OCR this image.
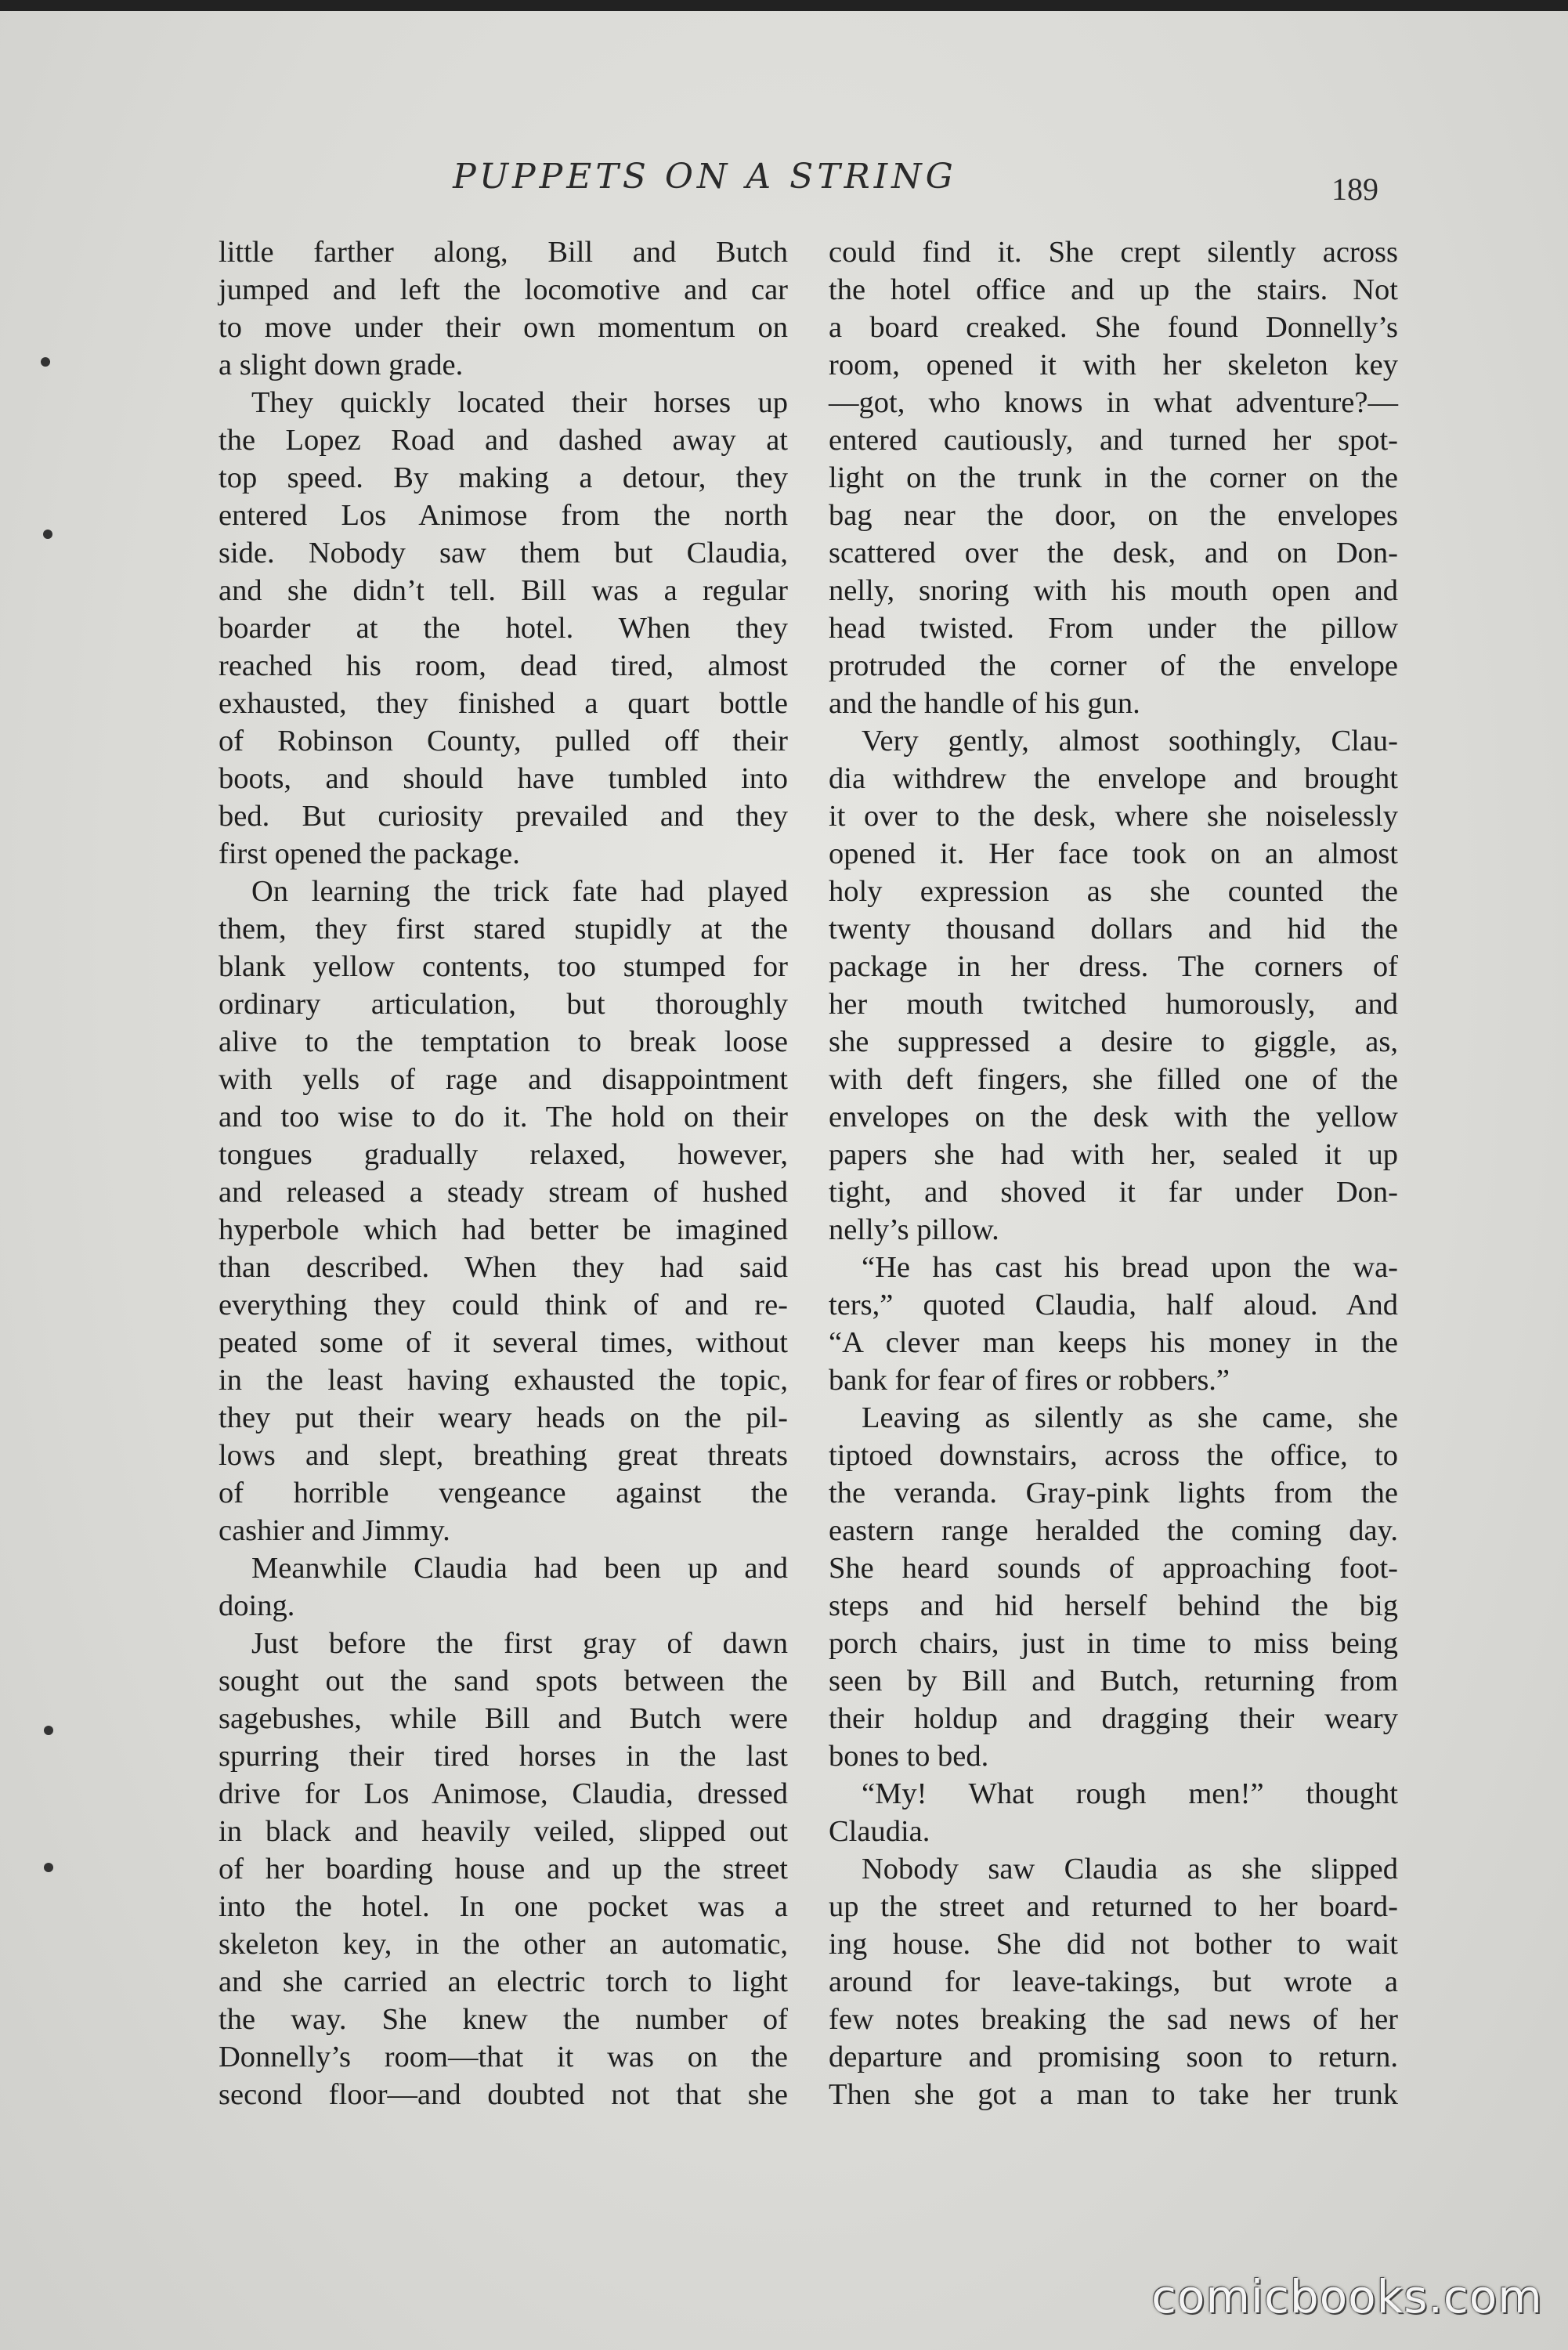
PUPPETS ON A STRING	189
little farther along, Bill and Butch
jumped and left the locomotive and car
to move under their own momentum on
a slight down grade.
They quickly located their horses up
the Lopez Road and dashed away at
top speed. By making a detour, they
entered Los Animose from the north
side. Nobody saw them but Claudia,
and she didn’t tell. Bill was a regular
boarder at the hotel. When they
reached his room, dead tired, almost
exhausted, they finished a quart bottle
of Robinson County, pulled off their
boots, and should have tumbled into
bed. But curiosity prevailed and they
first opened the package.
On learning the trick fate had played
them, they first stared stupidly at the
blank yellow contents, too stumped for
ordinary articulation, but thoroughly
alive to the temptation to break loose
with yells of rage and disappointment
and too wise to do it. The hold on their
tongues gradually relaxed, however,
and released a steady stream of hushed
hyperbole which had better be imagined
than described. When they had said
everything they could think of and re-
peated some of it several times, without
in the least having exhausted the topic,
they put their weary heads on the pil-
lows and slept, breathing great threats
of horrible vengeance against the
cashier and Jimmy.
Meanwhile Claudia had been up and
doing.
Just before the first gray of dawn
sought out the sand spots between the
sagebushes, while Bill and Butch were
spurring their tired horses in the last
drive for Los Animose, Claudia, dressed
in black and heavily veiled, slipped out
of her boarding house and up the street
into the hotel. In one pocket was a
skeleton key, in the other an automatic,
and she carried an electric torch to light
the way. She knew the number of
Donnelly’s room—that it was on the
second floor—and doubted not that she
could find it. She crept silently across
the hotel office and up the stairs. Not
a board creaked. She found Donnelly’s
room, opened it with her skeleton key
—got, who knows in what adventure?—
entered cautiously, and turned her spot-
light on the trunk in the corner on the
bag near the door, on the envelopes
scattered over the desk, and on Don-
nelly, snoring with his mouth open and
head twisted. From under the pillow
protruded the corner of the envelope
and the handle of his gun.
Very gently, almost soothingly, Clau-
dia withdrew the envelope and brought
it over to the desk, where she noiselessly
opened it. Her face took on an almost
holy expression as she counted the
twenty thousand dollars and hid the
package in her dress. The corners of
her mouth twitched humorously, and
she suppressed a desire to giggle, as,
with deft fingers, she filled one of the
envelopes on the desk with the yellow
papers she had with her, sealed it up
tight, and shoved it far under Don-
nelly’s pillow.
“He has cast his bread upon the wa-
ters,” quoted Claudia, half aloud. And
“A clever man keeps his money in the
bank for fear of fires or robbers.”
Leaving as silently as she came, she
tiptoed downstairs, across the office, to
the veranda. Gray-pink lights from the
eastern range heralded the coming day.
She heard sounds of approaching foot-
steps and hid herself behind the big
porch chairs, just in time to miss being
seen by Bill and Butch, returning from
their holdup and dragging their weary
bones to bed.
“My! What rough men!” thought
Claudia.
Nobody saw Claudia as she slipped
up the street and returned to her board-
ing house. She did not bother to wait
around for leave-takings, but wrote a
few notes breaking the sad news of her
departure and promising soon to return.
Then she got a man to take her trunk
comicbooks.com
